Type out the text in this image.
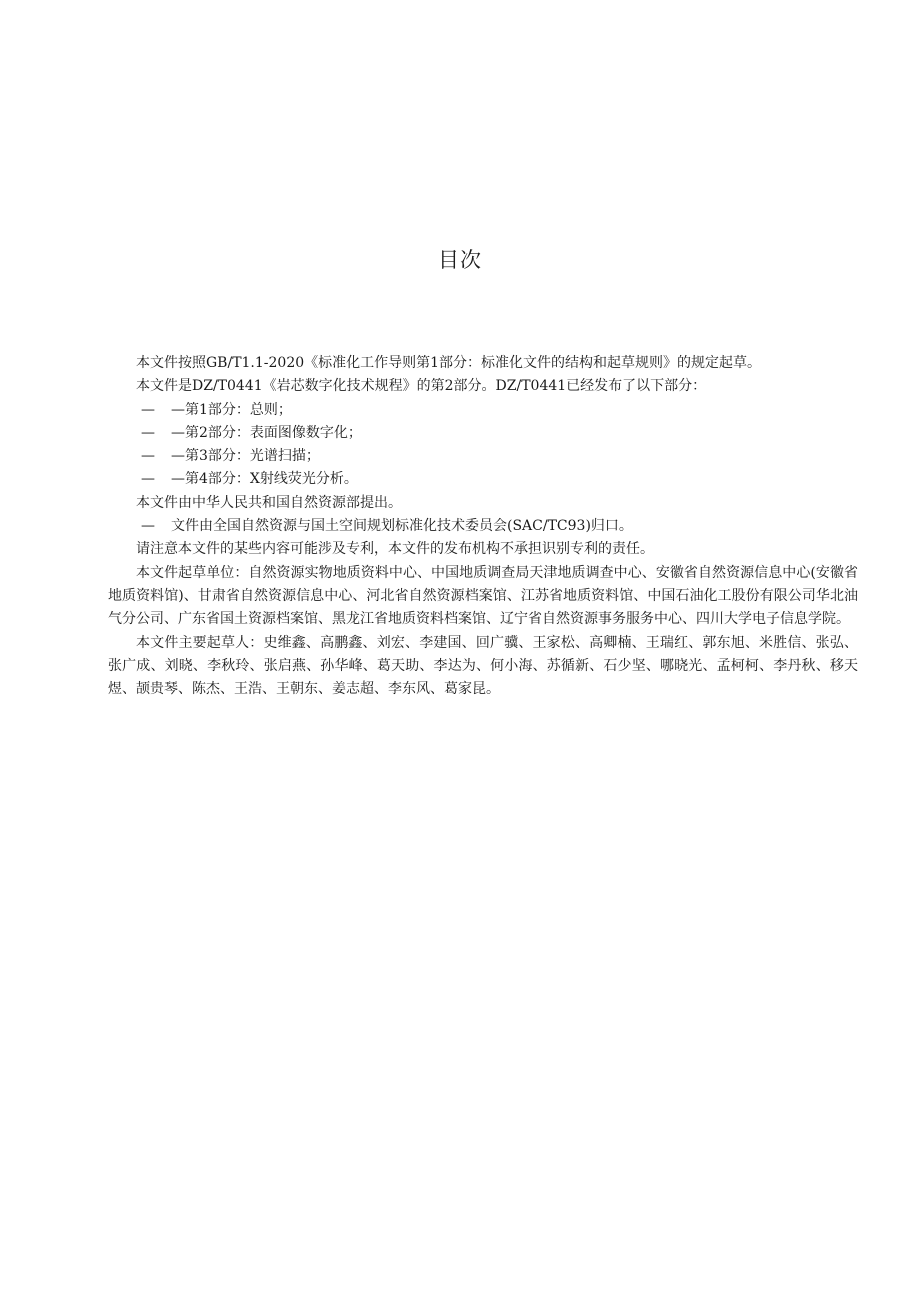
目次

本文件按照GB/T1.1-2020《标准化工作导则第1部分：标准化文件的结构和起草规则》的规定起草。

本文件是DZ/T0441《岩芯数字化技术规程》的第2部分。DZ/T0441已经发布了以下部分：

— —第1部分：总则；

— —第2部分：表面图像数字化；

— —第3部分：光谱扫描；

— —第4部分：X射线荧光分析。

本文件由中华人民共和国自然资源部提出。

— 文件由全国自然资源与国土空间规划标准化技术委员会(SAC/TC93)归口。

请注意本文件的某些内容可能涉及专利，本文件的发布机构不承担识别专利的责任。

本文件起草单位：自然资源实物地质资料中心、中国地质调查局天津地质调查中心、安徽省自然资源信息中心(安徽省地质资料馆)、甘肃省自然资源信息中心、河北省自然资源档案馆、江苏省地质资料馆、中国石油化工股份有限公司华北油气分公司、广东省国土资源档案馆、黑龙江省地质资料档案馆、辽宁省自然资源事务服务中心、四川大学电子信息学院。

本文件主要起草人：史维鑫、高鹏鑫、刘宏、李建国、回广骥、王家松、高卿楠、王瑞红、郭东旭、米胜信、张弘、张广成、刘晓、李秋玲、张启燕、孙华峰、葛天助、李达为、何小海、苏循新、石少坚、哪晓光、孟柯柯、李丹秋、移天煜、颉贵琴、陈杰、王浩、王朝东、姜志超、李东风、葛家昆。
